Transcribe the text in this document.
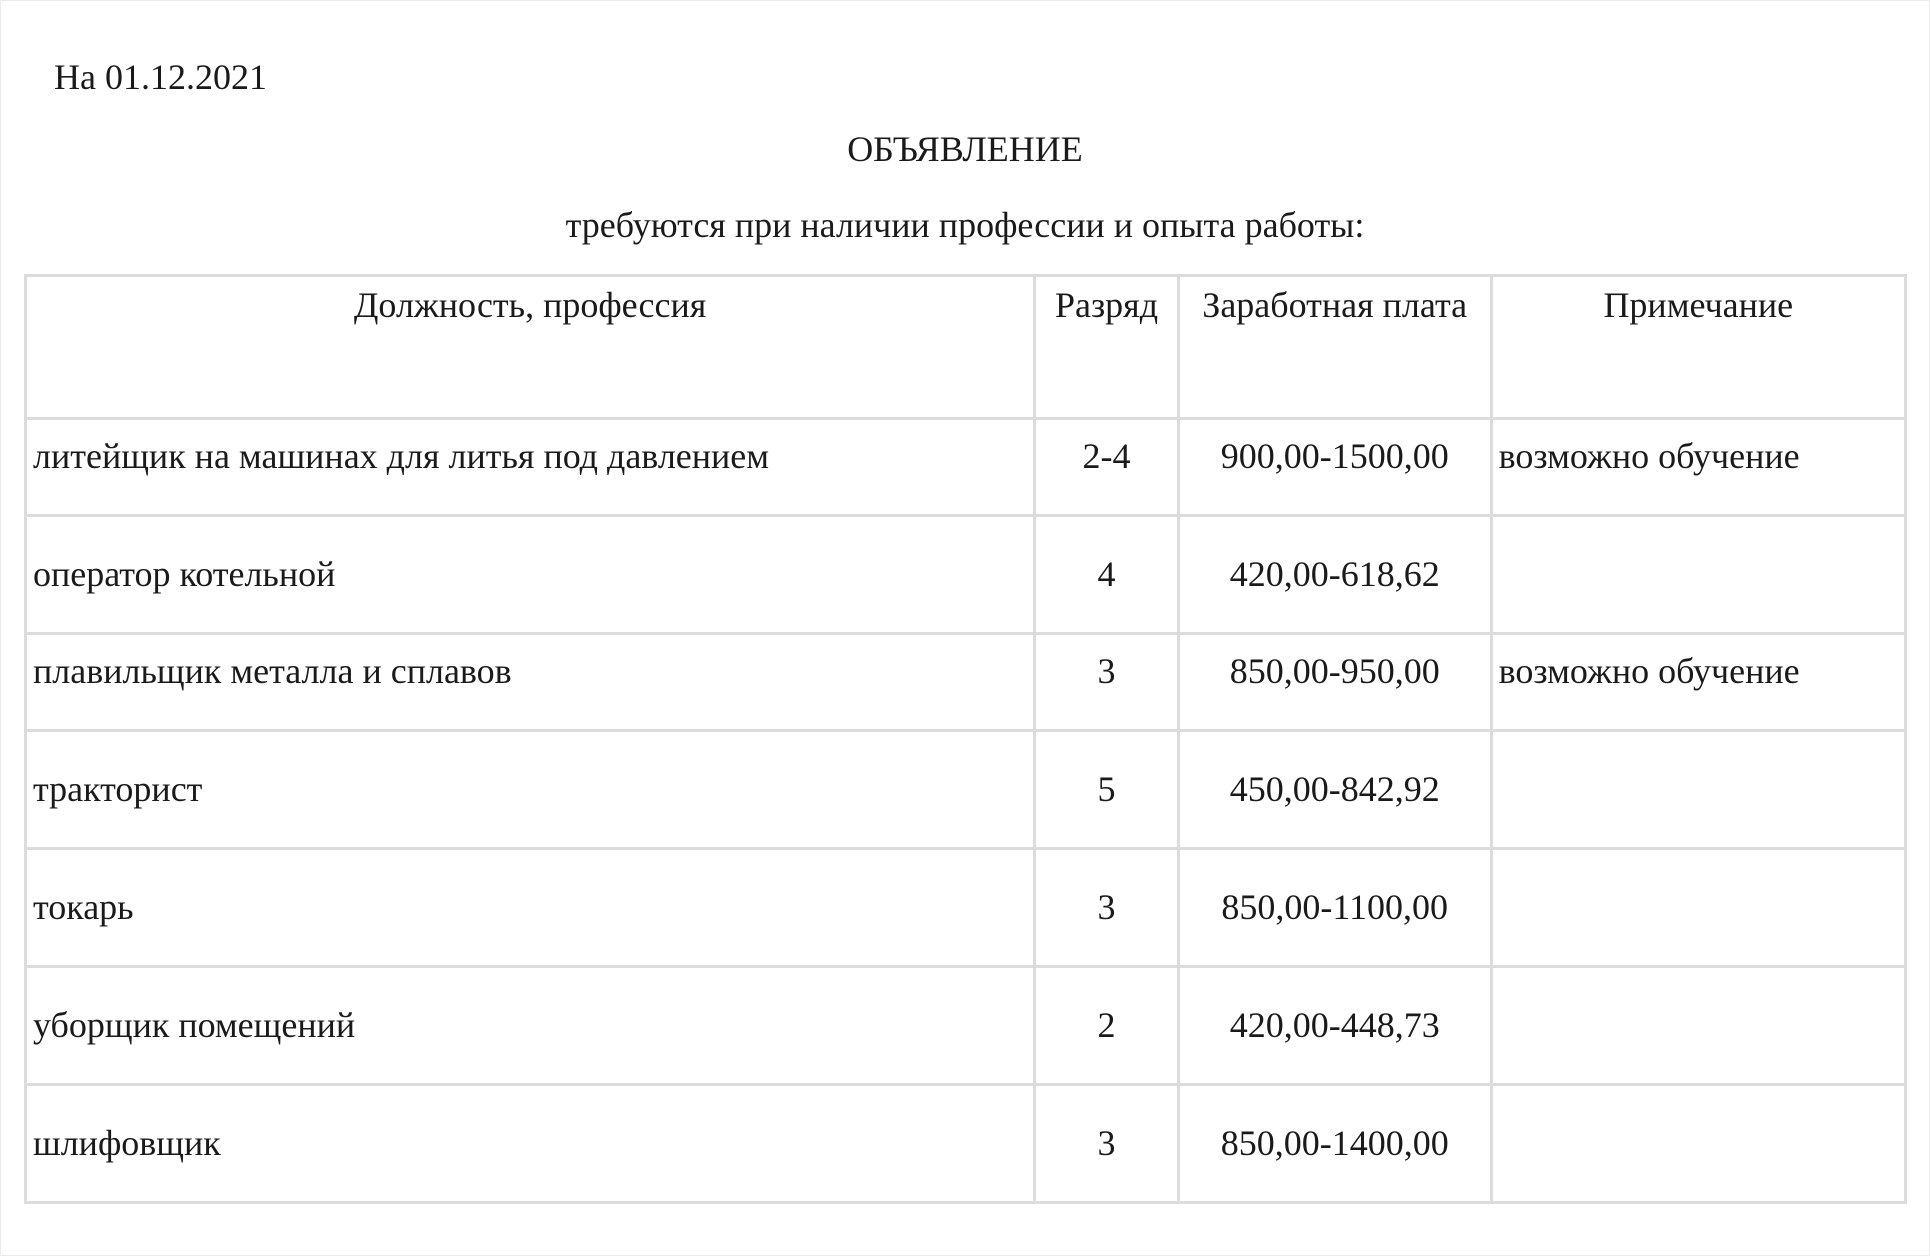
На 01.12.2021
ОБЪЯВЛЕНИЕ
требуются при наличии профессии и опыта работы:
Должность, профессия	Разряд	Заработная плата	Примечание
литейщик на машинах для литья под давлением	2-4	900,00-1500,00	возможно обучение
оператор котельной	4	420,00-618,62	
плавильщик металла и сплавов	3	850,00-950,00	возможно обучение
тракторист	5	450,00-842,92	
токарь	3	850,00-1100,00	
уборщик помещений	2	420,00-448,73	
шлифовщик	3	850,00-1400,00	
